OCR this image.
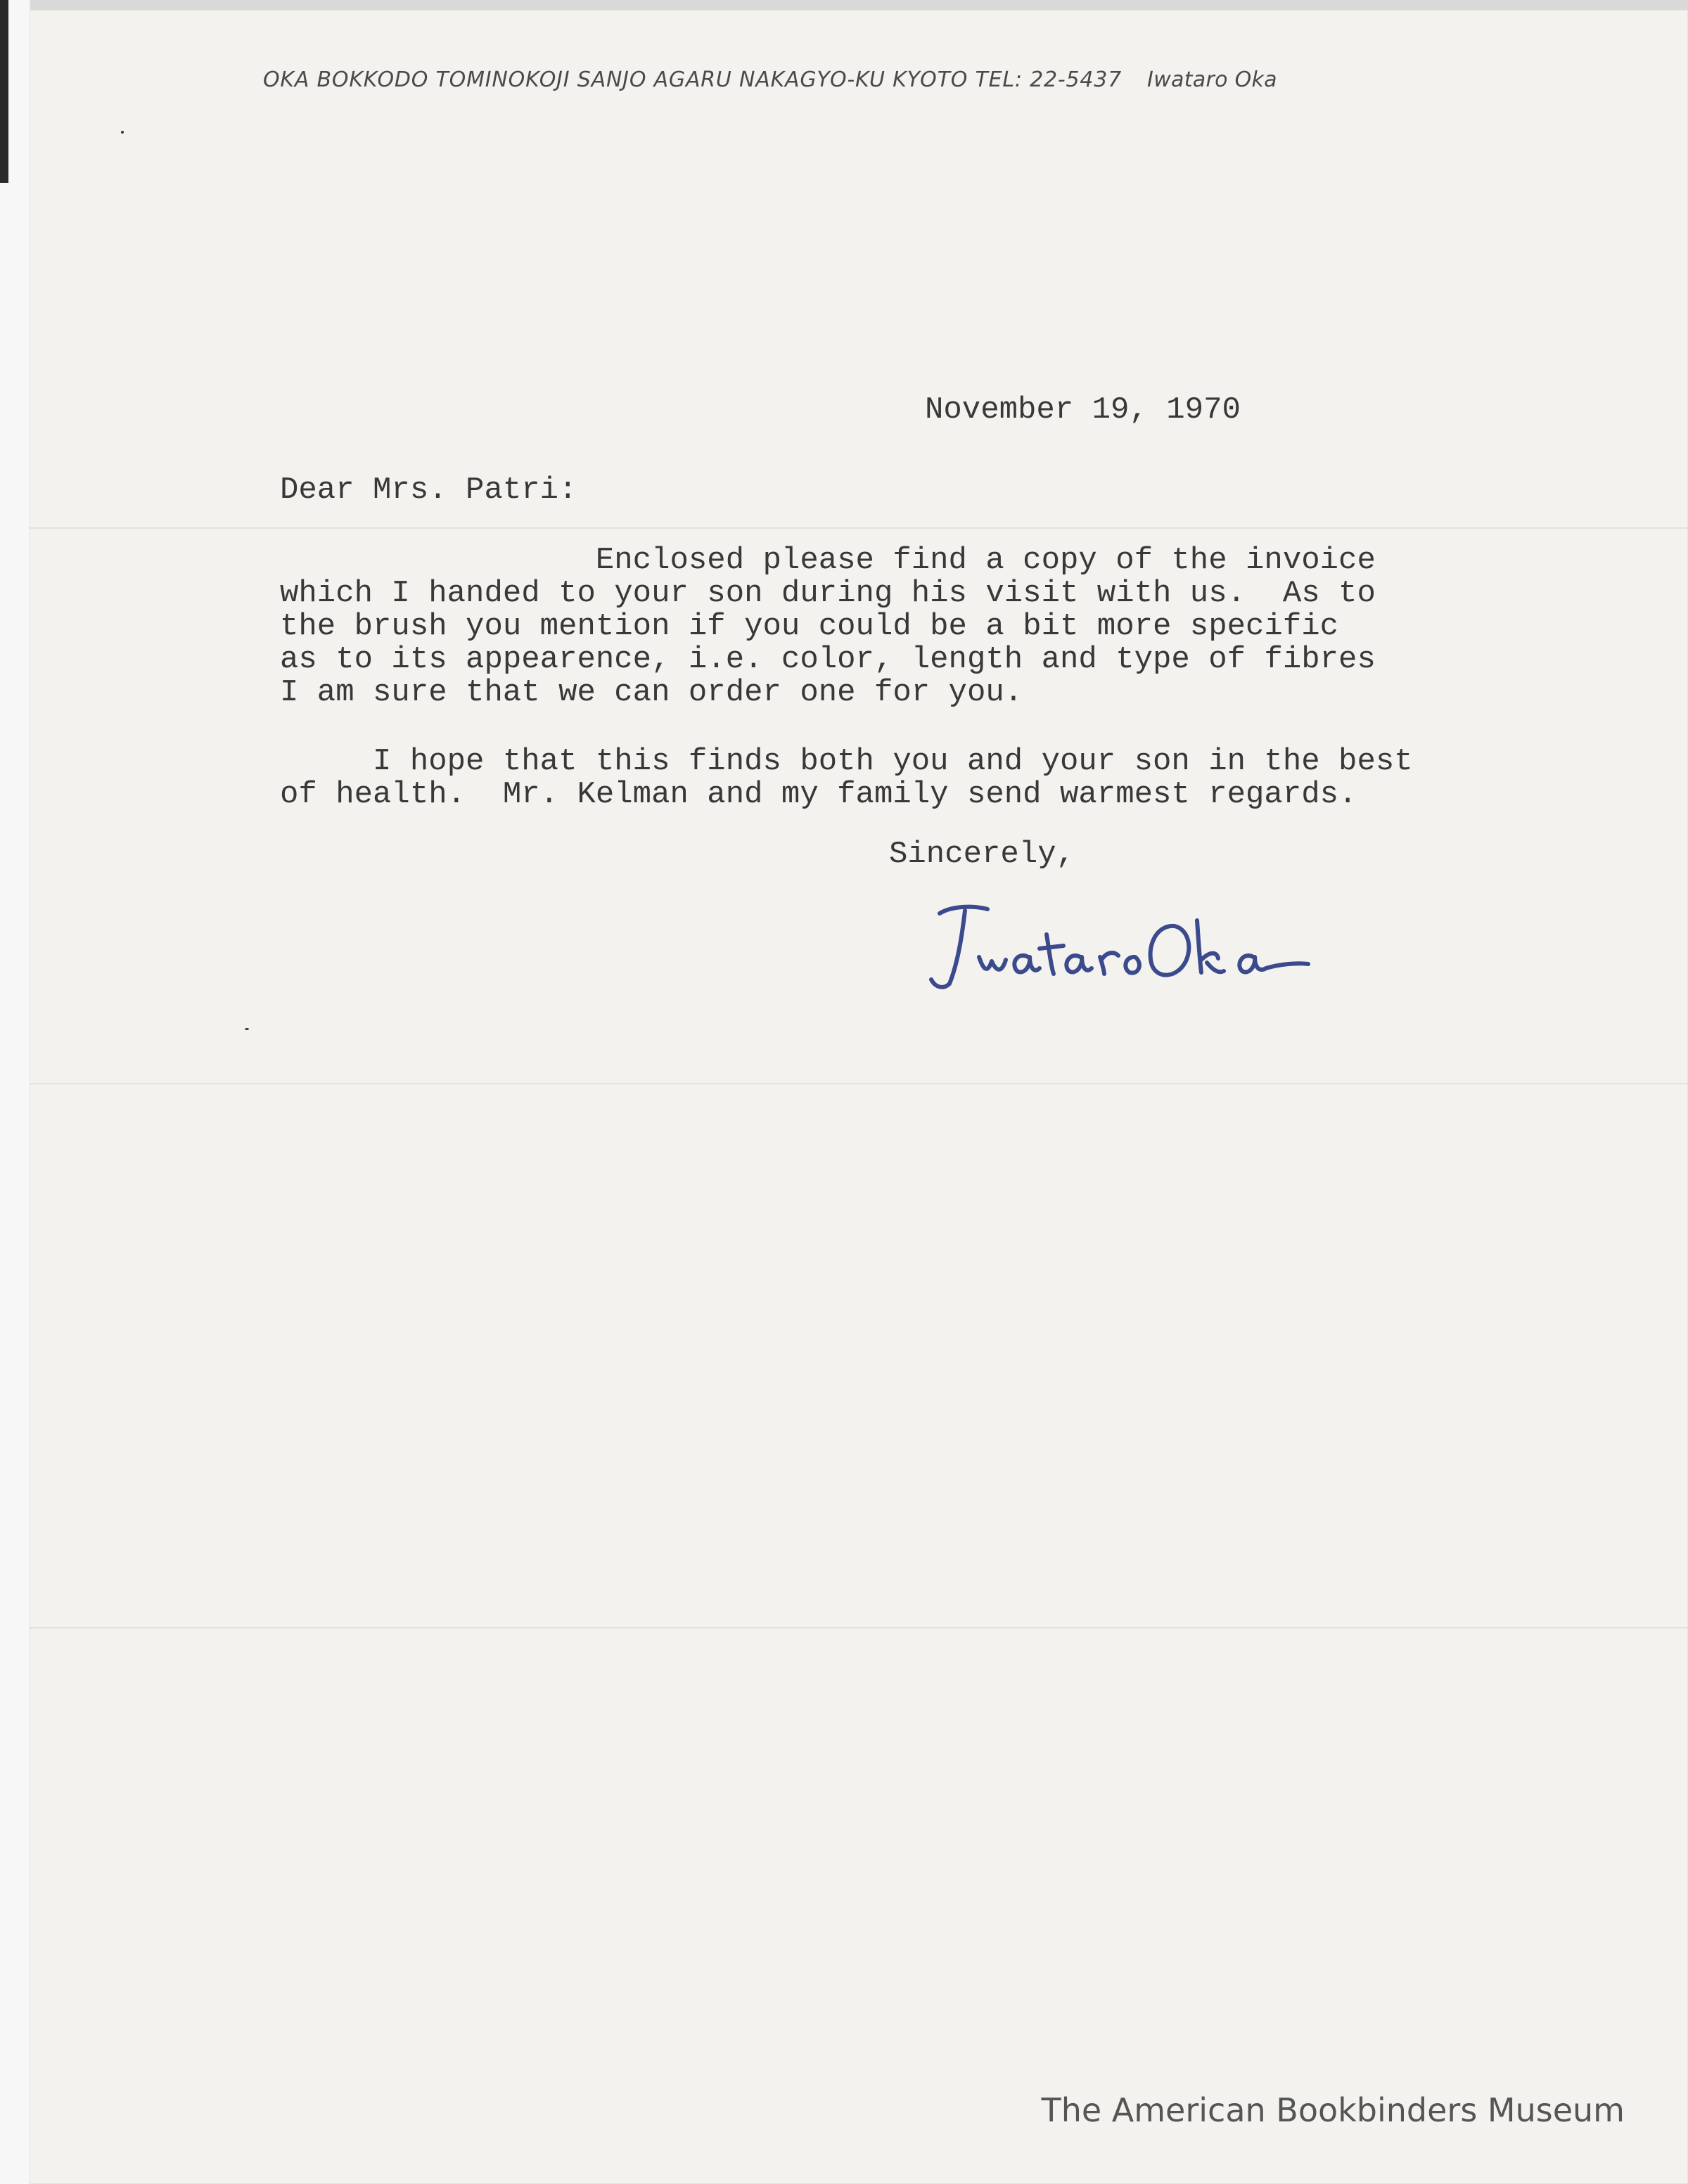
OKA BOKKODO TOMINOKOJI SANJO AGARU NAKAGYO-KU KYOTO TEL: 22-5437 Iwataro Oka
November 19, 1970
Dear Mrs. Patri:
Enclosed please find a copy of the invoice
which I handed to your son during his visit with us.  As to
the brush you mention if you could be a bit more specific
as to its appearence, i.e. color, length and type of fibres
I am sure that we can order one for you.
I hope that this finds both you and your son in the best
of health.  Mr. Kelman and my family send warmest regards.
Sincerely,
The American Bookbinders Museum
